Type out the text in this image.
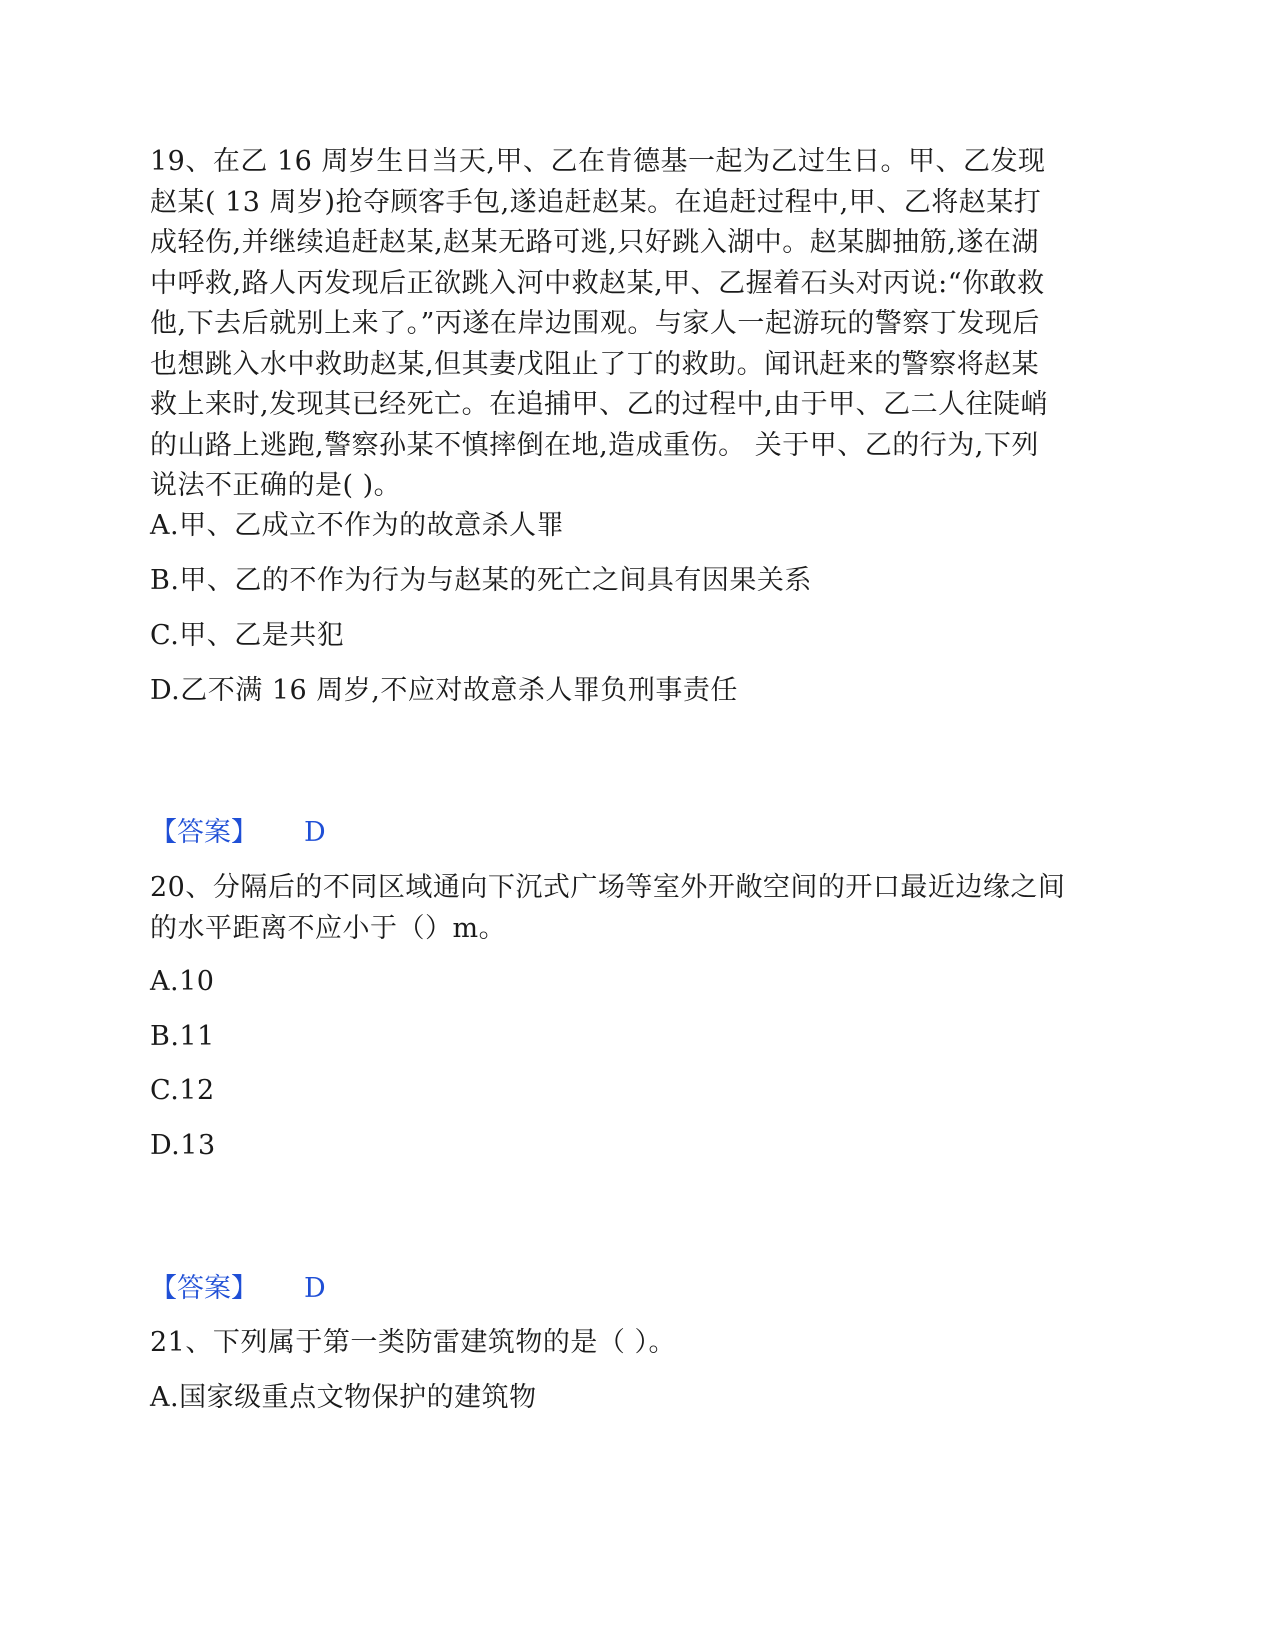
19、在乙 16 周岁生日当天,甲、乙在肯德基一起为乙过生日。甲、乙发现

赵某( 13 周岁)抢夺顾客手包,遂追赶赵某。在追赶过程中,甲、乙将赵某打

成轻伤,并继续追赶赵某,赵某无路可逃,只好跳入湖中。赵某脚抽筋,遂在湖

中呼救,路人丙发现后正欲跳入河中救赵某,甲、乙握着石头对丙说:“你敢救

他,下去后就别上来了。”丙遂在岸边围观。与家人一起游玩的警察丁发现后

也想跳入水中救助赵某,但其妻戊阻止了丁的救助。闻讯赶来的警察将赵某

救上来时,发现其已经死亡。在追捕甲、乙的过程中,由于甲、乙二人往陡峭

的山路上逃跑,警察孙某不慎摔倒在地,造成重伤。 关于甲、乙的行为,下列

说法不正确的是( )。

A.甲、乙成立不作为的故意杀人罪

B.甲、乙的不作为行为与赵某的死亡之间具有因果关系

C.甲、乙是共犯

D.乙不满 16 周岁,不应对故意杀人罪负刑事责任

【答案】 D

20、分隔后的不同区域通向下沉式广场等室外开敞空间的开口最近边缘之间

的水平距离不应小于（）m。

A.10

B.11

C.12

D.13

【答案】 D

21、下列属于第一类防雷建筑物的是（ ）。

A.国家级重点文物保护的建筑物
